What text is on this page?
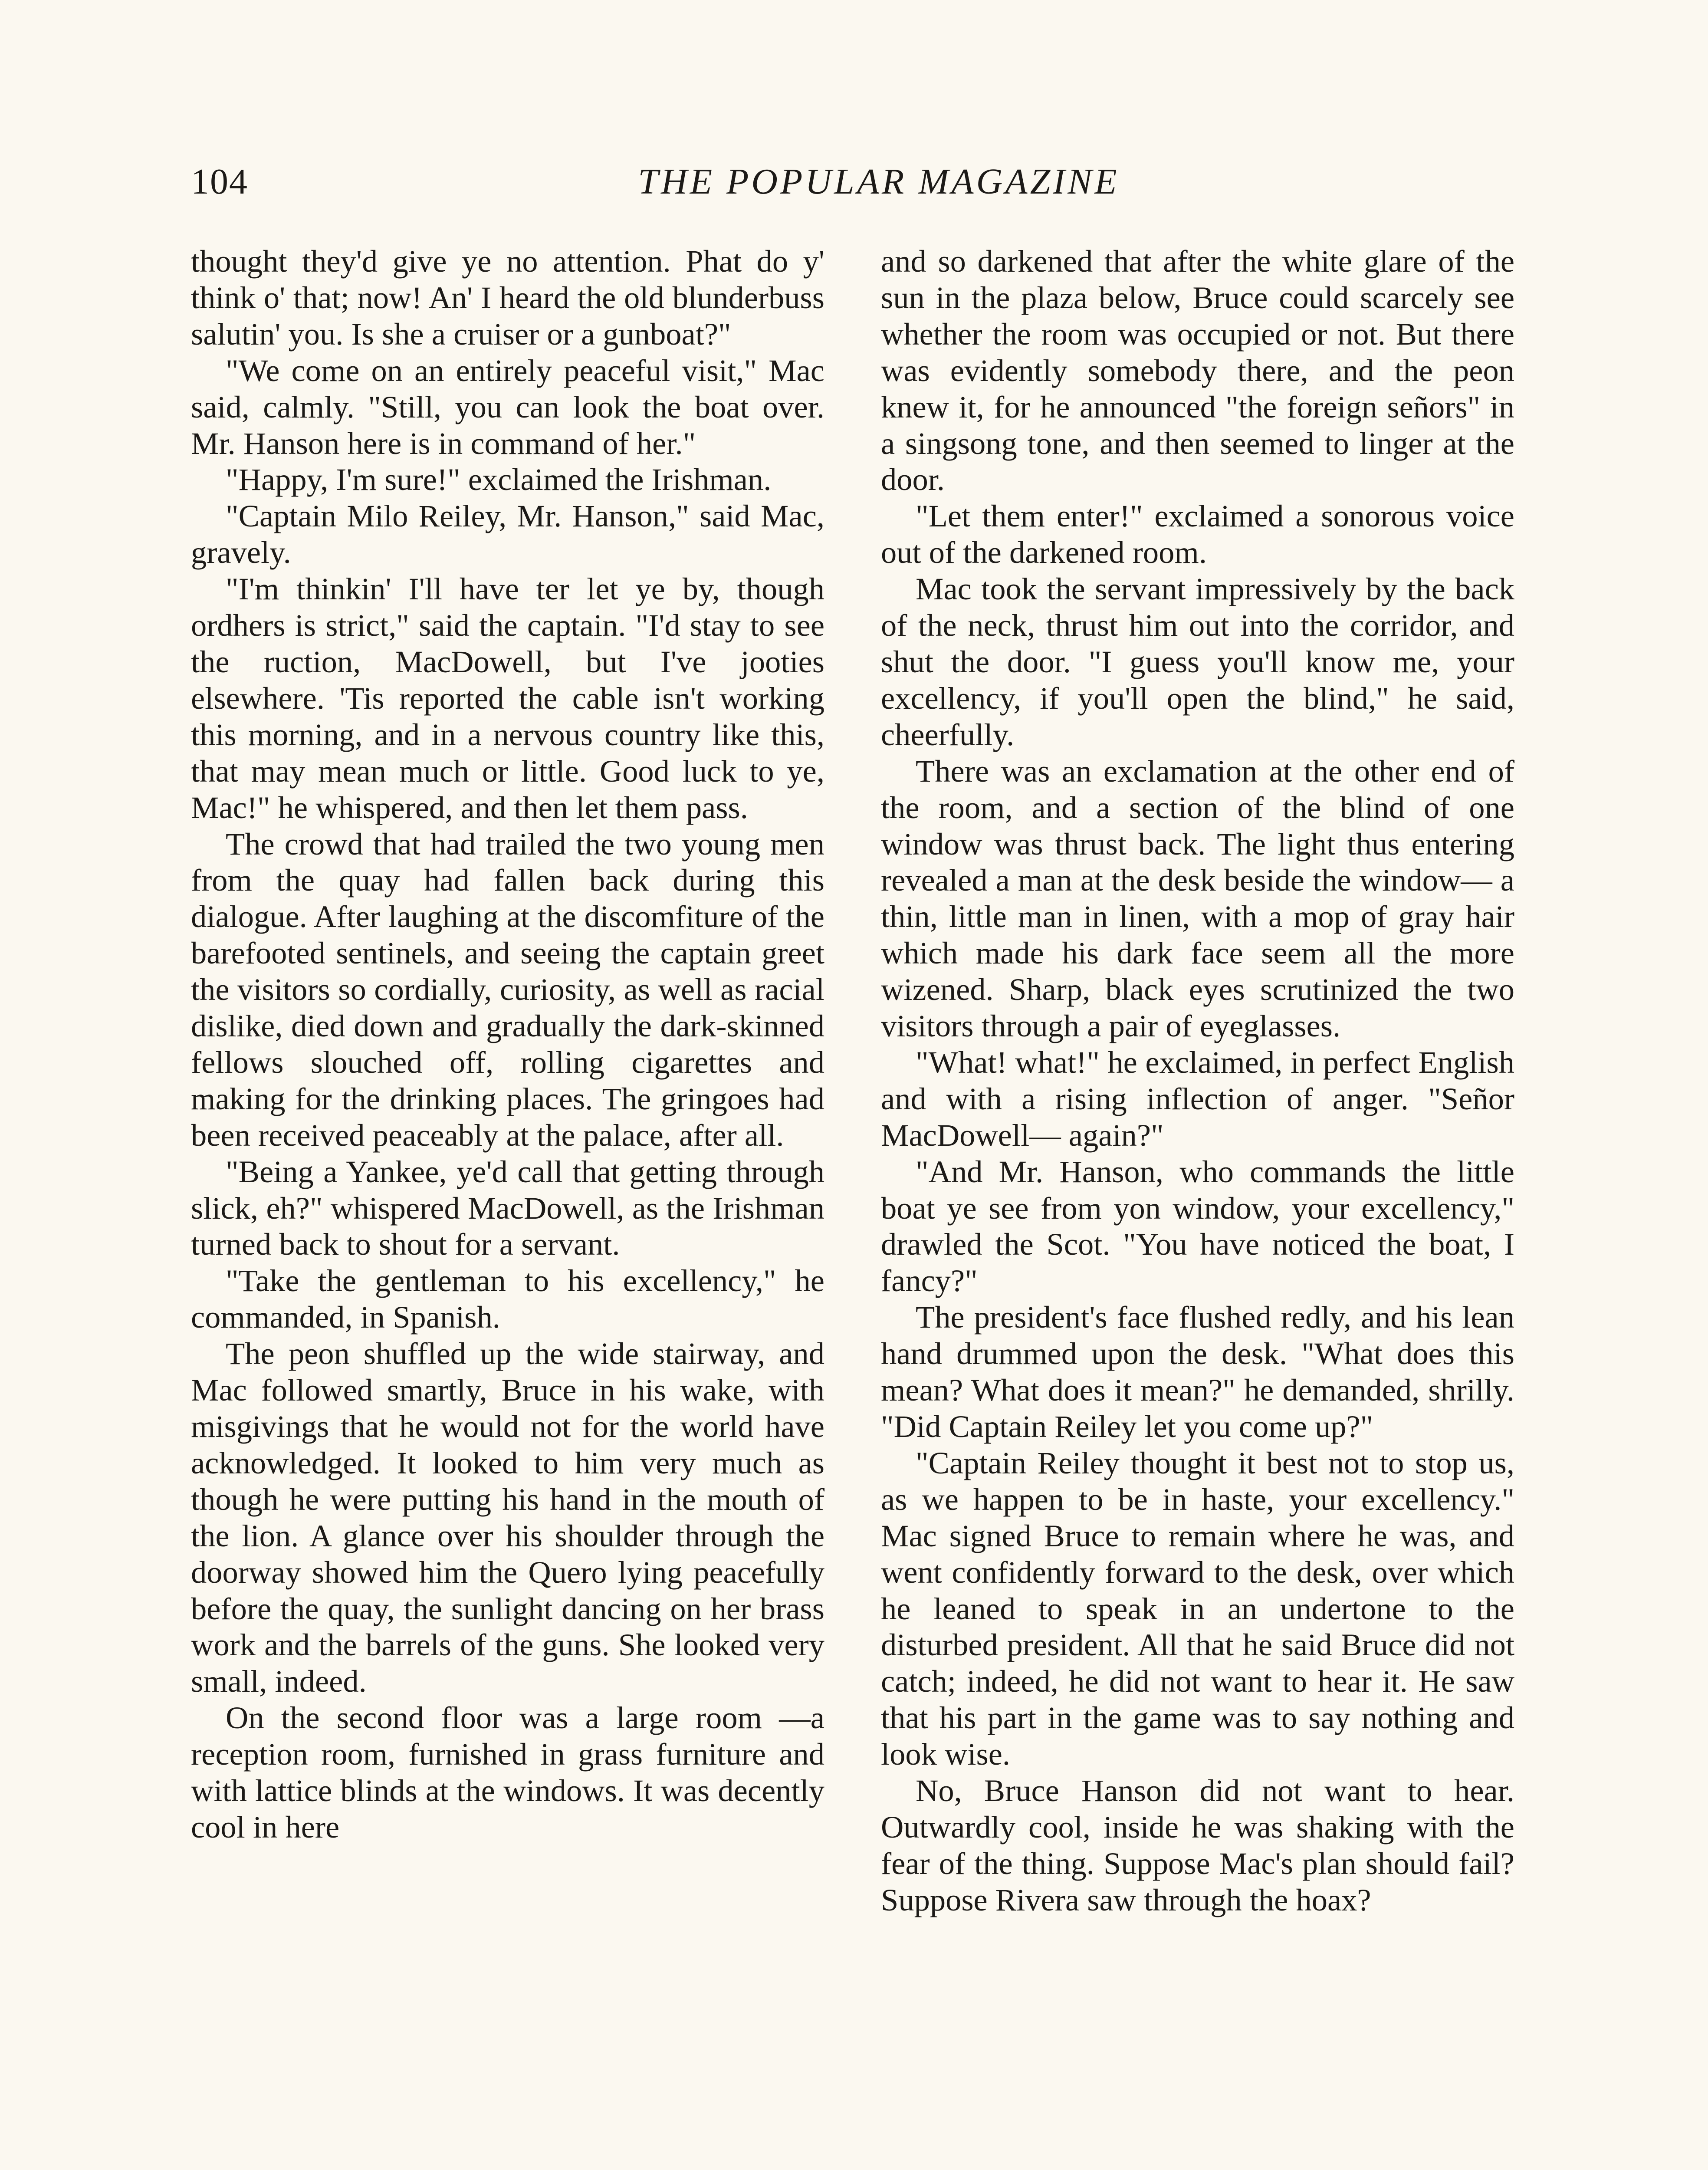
104	THE POPULAR MAGAZINE

thought they'd give ye no attention. Phat do y' think o' that; now! An' I heard the old blunderbuss salutin' you. Is she a cruiser or a gunboat?"

"We come on an entirely peaceful visit," Mac said, calmly. "Still, you can look the boat over. Mr. Hanson here is in command of her."

"Happy, I'm sure!" exclaimed the Irishman.

"Captain Milo Reiley, Mr. Hanson," said Mac, gravely.

"I'm thinkin' I'll have ter let ye by, though ordhers is strict," said the captain. "I'd stay to see the ruction, MacDowell, but I've jooties elsewhere. 'Tis reported the cable isn't working this morning, and in a nervous country like this, that may mean much or little. Good luck to ye, Mac!" he whispered, and then let them pass.

The crowd that had trailed the two young men from the quay had fallen back during this dialogue. After laughing at the discomfiture of the barefooted sentinels, and seeing the captain greet the visitors so cordially, curiosity, as well as racial dislike, died down and gradually the dark-skinned fellows slouched off, rolling cigarettes and making for the drinking places. The gringoes had been received peaceably at the palace, after all.

"Being a Yankee, ye'd call that getting through slick, eh?" whispered MacDowell, as the Irishman turned back to shout for a servant.

"Take the gentleman to his excellency," he commanded, in Spanish.

The peon shuffled up the wide stairway, and Mac followed smartly, Bruce in his wake, with misgivings that he would not for the world have acknowledged. It looked to him very much as though he were putting his hand in the mouth of the lion. A glance over his shoulder through the doorway showed him the Quero lying peacefully before the quay, the sunlight dancing on her brass work and the barrels of the guns. She looked very small, indeed.

On the second floor was a large room —a reception room, furnished in grass furniture and with lattice blinds at the windows. It was decently cool in here

and so darkened that after the white glare of the sun in the plaza below, Bruce could scarcely see whether the room was occupied or not. But there was evidently somebody there, and the peon knew it, for he announced "the foreign señors" in a singsong tone, and then seemed to linger at the door.

"Let them enter!" exclaimed a sonorous voice out of the darkened room.

Mac took the servant impressively by the back of the neck, thrust him out into the corridor, and shut the door. "I guess you'll know me, your excellency, if you'll open the blind," he said, cheerfully.

There was an exclamation at the other end of the room, and a section of the blind of one window was thrust back. The light thus entering revealed a man at the desk beside the window— a thin, little man in linen, with a mop of gray hair which made his dark face seem all the more wizened. Sharp, black eyes scrutinized the two visitors through a pair of eyeglasses.

"What! what!" he exclaimed, in perfect English and with a rising inflection of anger. "Señor MacDowell— again?"

"And Mr. Hanson, who commands the little boat ye see from yon window, your excellency," drawled the Scot. "You have noticed the boat, I fancy?"

The president's face flushed redly, and his lean hand drummed upon the desk. "What does this mean? What does it mean?" he demanded, shrilly. "Did Captain Reiley let you come up?"

"Captain Reiley thought it best not to stop us, as we happen to be in haste, your excellency." Mac signed Bruce to remain where he was, and went confidently forward to the desk, over which he leaned to speak in an undertone to the disturbed president. All that he said Bruce did not catch; indeed, he did not want to hear it. He saw that his part in the game was to say nothing and look wise.

No, Bruce Hanson did not want to hear. Outwardly cool, inside he was shaking with the fear of the thing. Suppose Mac's plan should fail? Suppose Rivera saw through the hoax?
